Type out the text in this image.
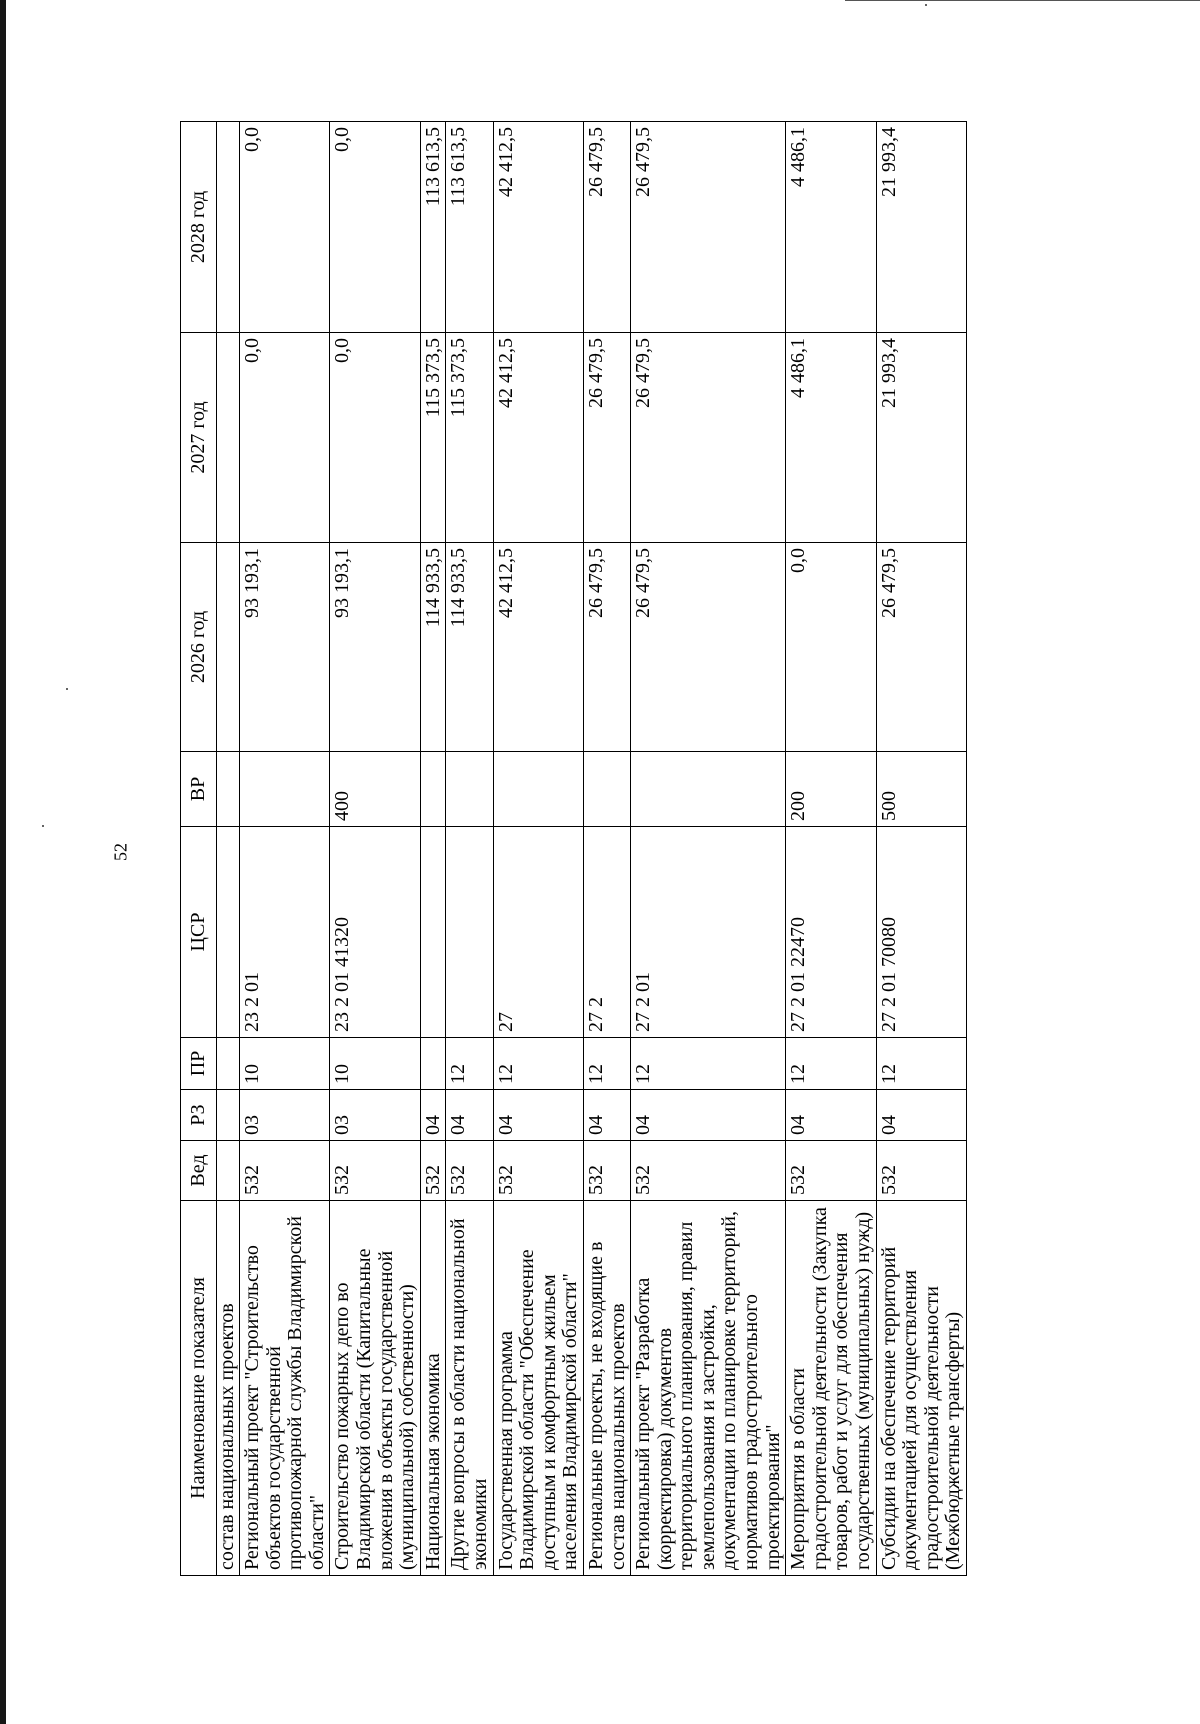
52
Наименование показателя	Вед	РЗ	ПР	ЦСР	ВР	2026 год	2027 год	2028 год
состав национальных проектов								
Региональный проект "Строительство объектов государственной противопожарной службы Владимирской области"	532	03	10	23 2 01		93 193,1	0,0	0,0
Строительство пожарных депо во Владимирской области (Капитальные вложения в объекты государственной (муниципальной) собственности)	532	03	10	23 2 01 41320	400	93 193,1	0,0	0,0
Национальная экономика	532	04				114 933,5	115 373,5	113 613,5
Другие вопросы в области национальной экономики	532	04	12			114 933,5	115 373,5	113 613,5
Государственная программа Владимирской области "Обеспечение доступным и комфортным жильем населения Владимирской области"	532	04	12	27		42 412,5	42 412,5	42 412,5
Региональные проекты, не входящие в состав национальных проектов	532	04	12	27 2		26 479,5	26 479,5	26 479,5
Региональный проект "Разработка (корректировка) документов территориального планирования, правил землепользования и застройки, документации по планировке территорий, нормативов градостроительного проектирования"	532	04	12	27 2 01		26 479,5	26 479,5	26 479,5
Мероприятия в области градостроительной деятельности (Закупка товаров, работ и услуг для обеспечения государственных (муниципальных) нужд)	532	04	12	27 2 01 22470	200	0,0	4 486,1	4 486,1
Субсидии на обеспечение территорий документацией для осуществления градостроительной деятельности (Межбюджетные трансферты)	532	04	12	27 2 01 70080	500	26 479,5	21 993,4	21 993,4
